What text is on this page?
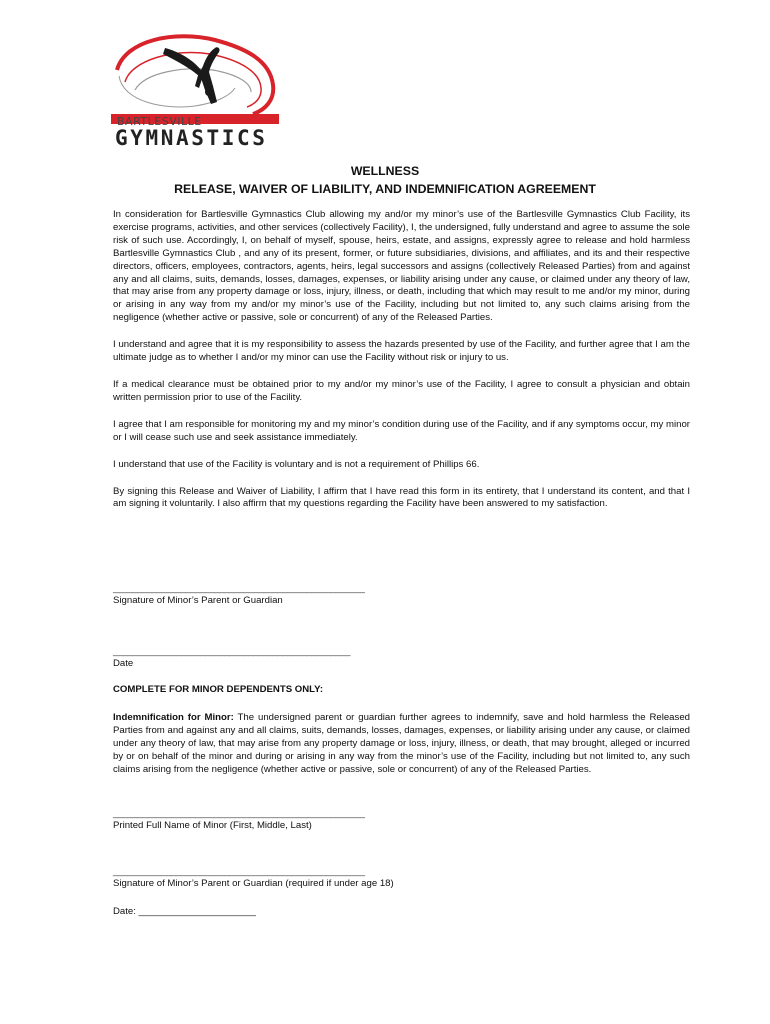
BARTLESVILLE
GYMNASTICS
WELLNESS
RELEASE, WAIVER OF LIABILITY, AND INDEMNIFICATION AGREEMENT

In consideration for Bartlesville Gymnastics Club allowing my and/or my minor’s use of the Bartlesville Gymnastics Club Facility, its exercise programs, activities, and other services (collectively Facility), I, the undersigned, fully understand and agree to assume the sole risk of such use. Accordingly, I, on behalf of myself, spouse, heirs, estate, and assigns, expressly agree to release and hold harmless Bartlesville Gymnastics Club , and any of its present, former, or future subsidiaries, divisions, and affiliates, and its and their respective directors, officers, employees, contractors, agents, heirs, legal successors and assigns (collectively Released Parties) from and against any and all claims, suits, demands, losses, damages, expenses, or liability arising under any cause, or claimed under any theory of law, that may arise from any property damage or loss, injury, illness, or death, including that which may result to me and/or my minor, during or arising in any way from my and/or my minor’s use of the Facility, including but not limited to, any such claims arising from the negligence (whether active or passive, sole or concurrent) of any of the Released Parties.

I understand and agree that it is my responsibility to assess the hazards presented by use of the Facility, and further agree that I am the ultimate judge as to whether I and/or my minor can use the Facility without risk or injury to us.

If a medical clearance must be obtained prior to my and/or my minor’s use of the Facility, I agree to consult a physician and obtain written permission prior to use of the Facility.

I agree that I am responsible for monitoring my and my minor’s condition during use of the Facility, and if any symptoms occur, my minor or I will cease such use and seek assistance immediately.

I understand that use of the Facility is voluntary and is not a requirement of Phillips 66.

By signing this Release and Waiver of Liability, I affirm that I have read this form in its entirety, that I understand its content, and that I am signing it voluntarily. I also affirm that my questions regarding the Facility have been answered to my satisfaction.

____________________________________________________
Signature of Minor’s Parent or Guardian
_________________________________________________
Date
COMPLETE FOR MINOR DEPENDENTS ONLY:
Indemnification for Minor: The undersigned parent or guardian further agrees to indemnify, save and hold harmless the Released Parties from and against any and all claims, suits, demands, losses, damages, expenses, or liability arising under any cause, or claimed under any theory of law, that may arise from any property damage or loss, injury, illness, or death, that may brought, alleged or incurred by or on behalf of the minor and during or arising in any way from the minor’s use of the Facility, including but not limited to, any such claims arising from the negligence (whether active or passive, sole or concurrent) of any of the Released Parties.
____________________________________________________
Printed Full Name of Minor (First, Middle, Last)
____________________________________________________
Signature of Minor’s Parent or Guardian (required if under age 18)
Date: ______________________
